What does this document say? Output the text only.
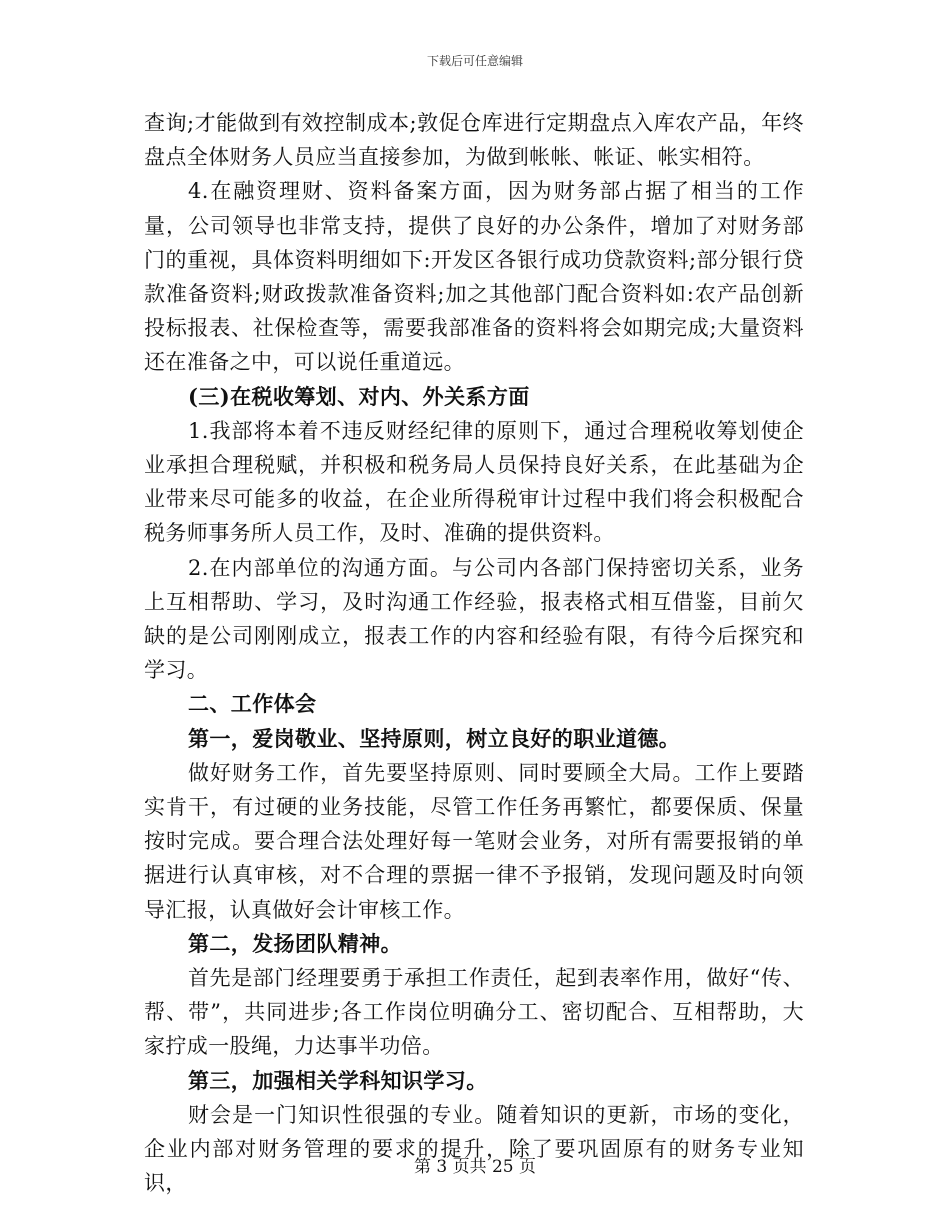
下载后可任意编辑

查询;才能做到有效控制成本;敦促仓库进行定期盘点入库农产品，年终盘点全体财务人员应当直接参加，为做到帐帐、帐证、帐实相符。

4.在融资理财、资料备案方面，因为财务部占据了相当的工作量，公司领导也非常支持，提供了良好的办公条件，增加了对财务部门的重视，具体资料明细如下:开发区各银行成功贷款资料;部分银行贷款准备资料;财政拨款准备资料;加之其他部门配合资料如:农产品创新投标报表、社保检查等，需要我部准备的资料将会如期完成;大量资料还在准备之中，可以说任重道远。

(三)在税收筹划、对内、外关系方面

1.我部将本着不违反财经纪律的原则下，通过合理税收筹划使企业承担合理税赋，并积极和税务局人员保持良好关系，在此基础为企业带来尽可能多的收益，在企业所得税审计过程中我们将会积极配合税务师事务所人员工作，及时、准确的提供资料。

2.在内部单位的沟通方面。与公司内各部门保持密切关系，业务上互相帮助、学习，及时沟通工作经验，报表格式相互借鉴，目前欠缺的是公司刚刚成立，报表工作的内容和经验有限，有待今后探究和学习。

二、工作体会

第一，爱岗敬业、坚持原则，树立良好的职业道德。

做好财务工作，首先要坚持原则、同时要顾全大局。工作上要踏实肯干，有过硬的业务技能，尽管工作任务再繁忙，都要保质、保量按时完成。要合理合法处理好每一笔财会业务，对所有需要报销的单据进行认真审核，对不合理的票据一律不予报销，发现问题及时向领导汇报，认真做好会计审核工作。

第二，发扬团队精神。

首先是部门经理要勇于承担工作责任，起到表率作用，做好“传、帮、带”，共同进步;各工作岗位明确分工、密切配合、互相帮助，大家拧成一股绳，力达事半功倍。

第三，加强相关学科知识学习。

财会是一门知识性很强的专业。随着知识的更新，市场的变化，企业内部对财务管理的要求的提升，除了要巩固原有的财务专业知识，

第 3 页共 25 页
